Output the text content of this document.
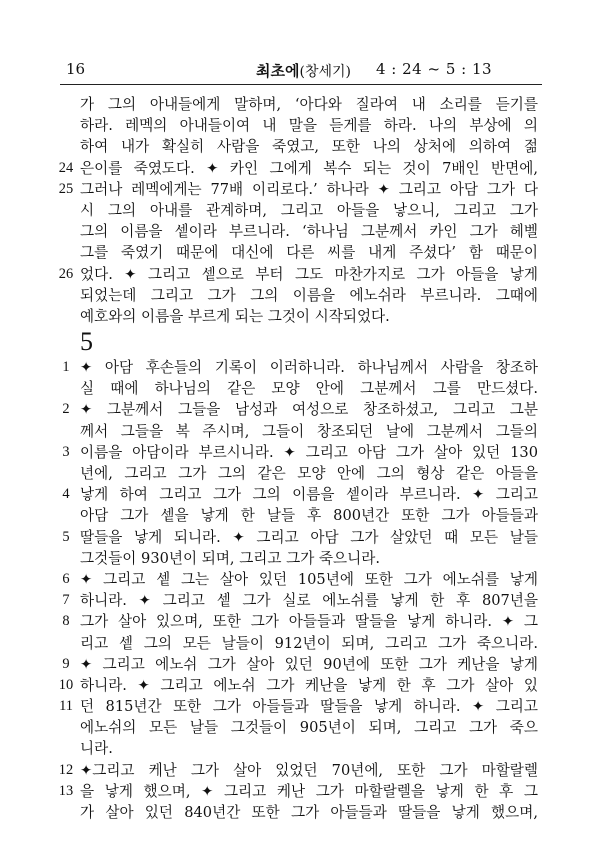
16	최초에(창세기) 4 : 24 ~ 5 : 13
가 그의 아내들에게 말하며, ‘아다와 질라여 내 소리를 듣기를
하라. 레멕의 아내들이여 내 말을 듣게를 하라. 나의 부상에 의
하여 내가 확실히 사람을 죽였고, 또한 나의 상처에 의하여 젊
24 은이를 죽였도다. ✦ 카인 그에게 복수 되는 것이 7배인 반면에,
25 그러나 레멕에게는 77배 이리로다.’ 하나라 ✦ 그리고 아담 그가 다
시 그의 아내를 관계하며, 그리고 아들을 낳으니, 그리고 그가
그의 이름을 셑이라 부르니라. ‘하나님 그분께서 카인 그가 헤벨
그를 죽였기 때문에 대신에 다른 씨를 내게 주셨다’ 함 때문이
26 었다. ✦ 그리고 셑으로 부터 그도 마찬가지로 그가 아들을 낳게
되었는데 그리고 그가 그의 이름을 에노쉬라 부르니라. 그때에
예호와의 이름을 부르게 되는 그것이 시작되었다.
5
1 ✦ 아담 후손들의 기록이 이러하니라. 하나님께서 사람을 창조하
실 때에 하나님의 같은 모양 안에 그분께서 그를 만드셨다.
2 ✦ 그분께서 그들을 남성과 여성으로 창조하셨고, 그리고 그분
께서 그들을 복 주시며, 그들이 창조되던 날에 그분께서 그들의
3 이름을 아담이라 부르시니라. ✦ 그리고 아담 그가 살아 있던 130
년에, 그리고 그가 그의 같은 모양 안에 그의 형상 같은 아들을
4 낳게 하여 그리고 그가 그의 이름을 셑이라 부르니라. ✦ 그리고
아담 그가 셑을 낳게 한 날들 후 800년간 또한 그가 아들들과
5 딸들을 낳게 되니라. ✦ 그리고 아담 그가 살았던 때 모든 날들
그것들이 930년이 되며, 그리고 그가 죽으니라.
6 ✦ 그리고 셑 그는 살아 있던 105년에 또한 그가 에노쉬를 낳게
7 하니라. ✦ 그리고 셑 그가 실로 에노쉬를 낳게 한 후 807년을
8 그가 살아 있으며, 또한 그가 아들들과 딸들을 낳게 하니라. ✦ 그
리고 셑 그의 모든 날들이 912년이 되며, 그리고 그가 죽으니라.
9 ✦ 그리고 에노쉬 그가 살아 있던 90년에 또한 그가 케난을 낳게
10 하니라. ✦ 그리고 에노쉬 그가 케난을 낳게 한 후 그가 살아 있
11 던 815년간 또한 그가 아들들과 딸들을 낳게 하니라. ✦ 그리고
에노쉬의 모든 날들 그것들이 905년이 되며, 그리고 그가 죽으
니라.
12 ✦그리고 케난 그가 살아 있었던 70년에, 또한 그가 마할랄렐
13 을 낳게 했으며, ✦ 그리고 케난 그가 마할랄렐을 낳게 한 후 그
가 살아 있던 840년간 또한 그가 아들들과 딸들을 낳게 했으며,
